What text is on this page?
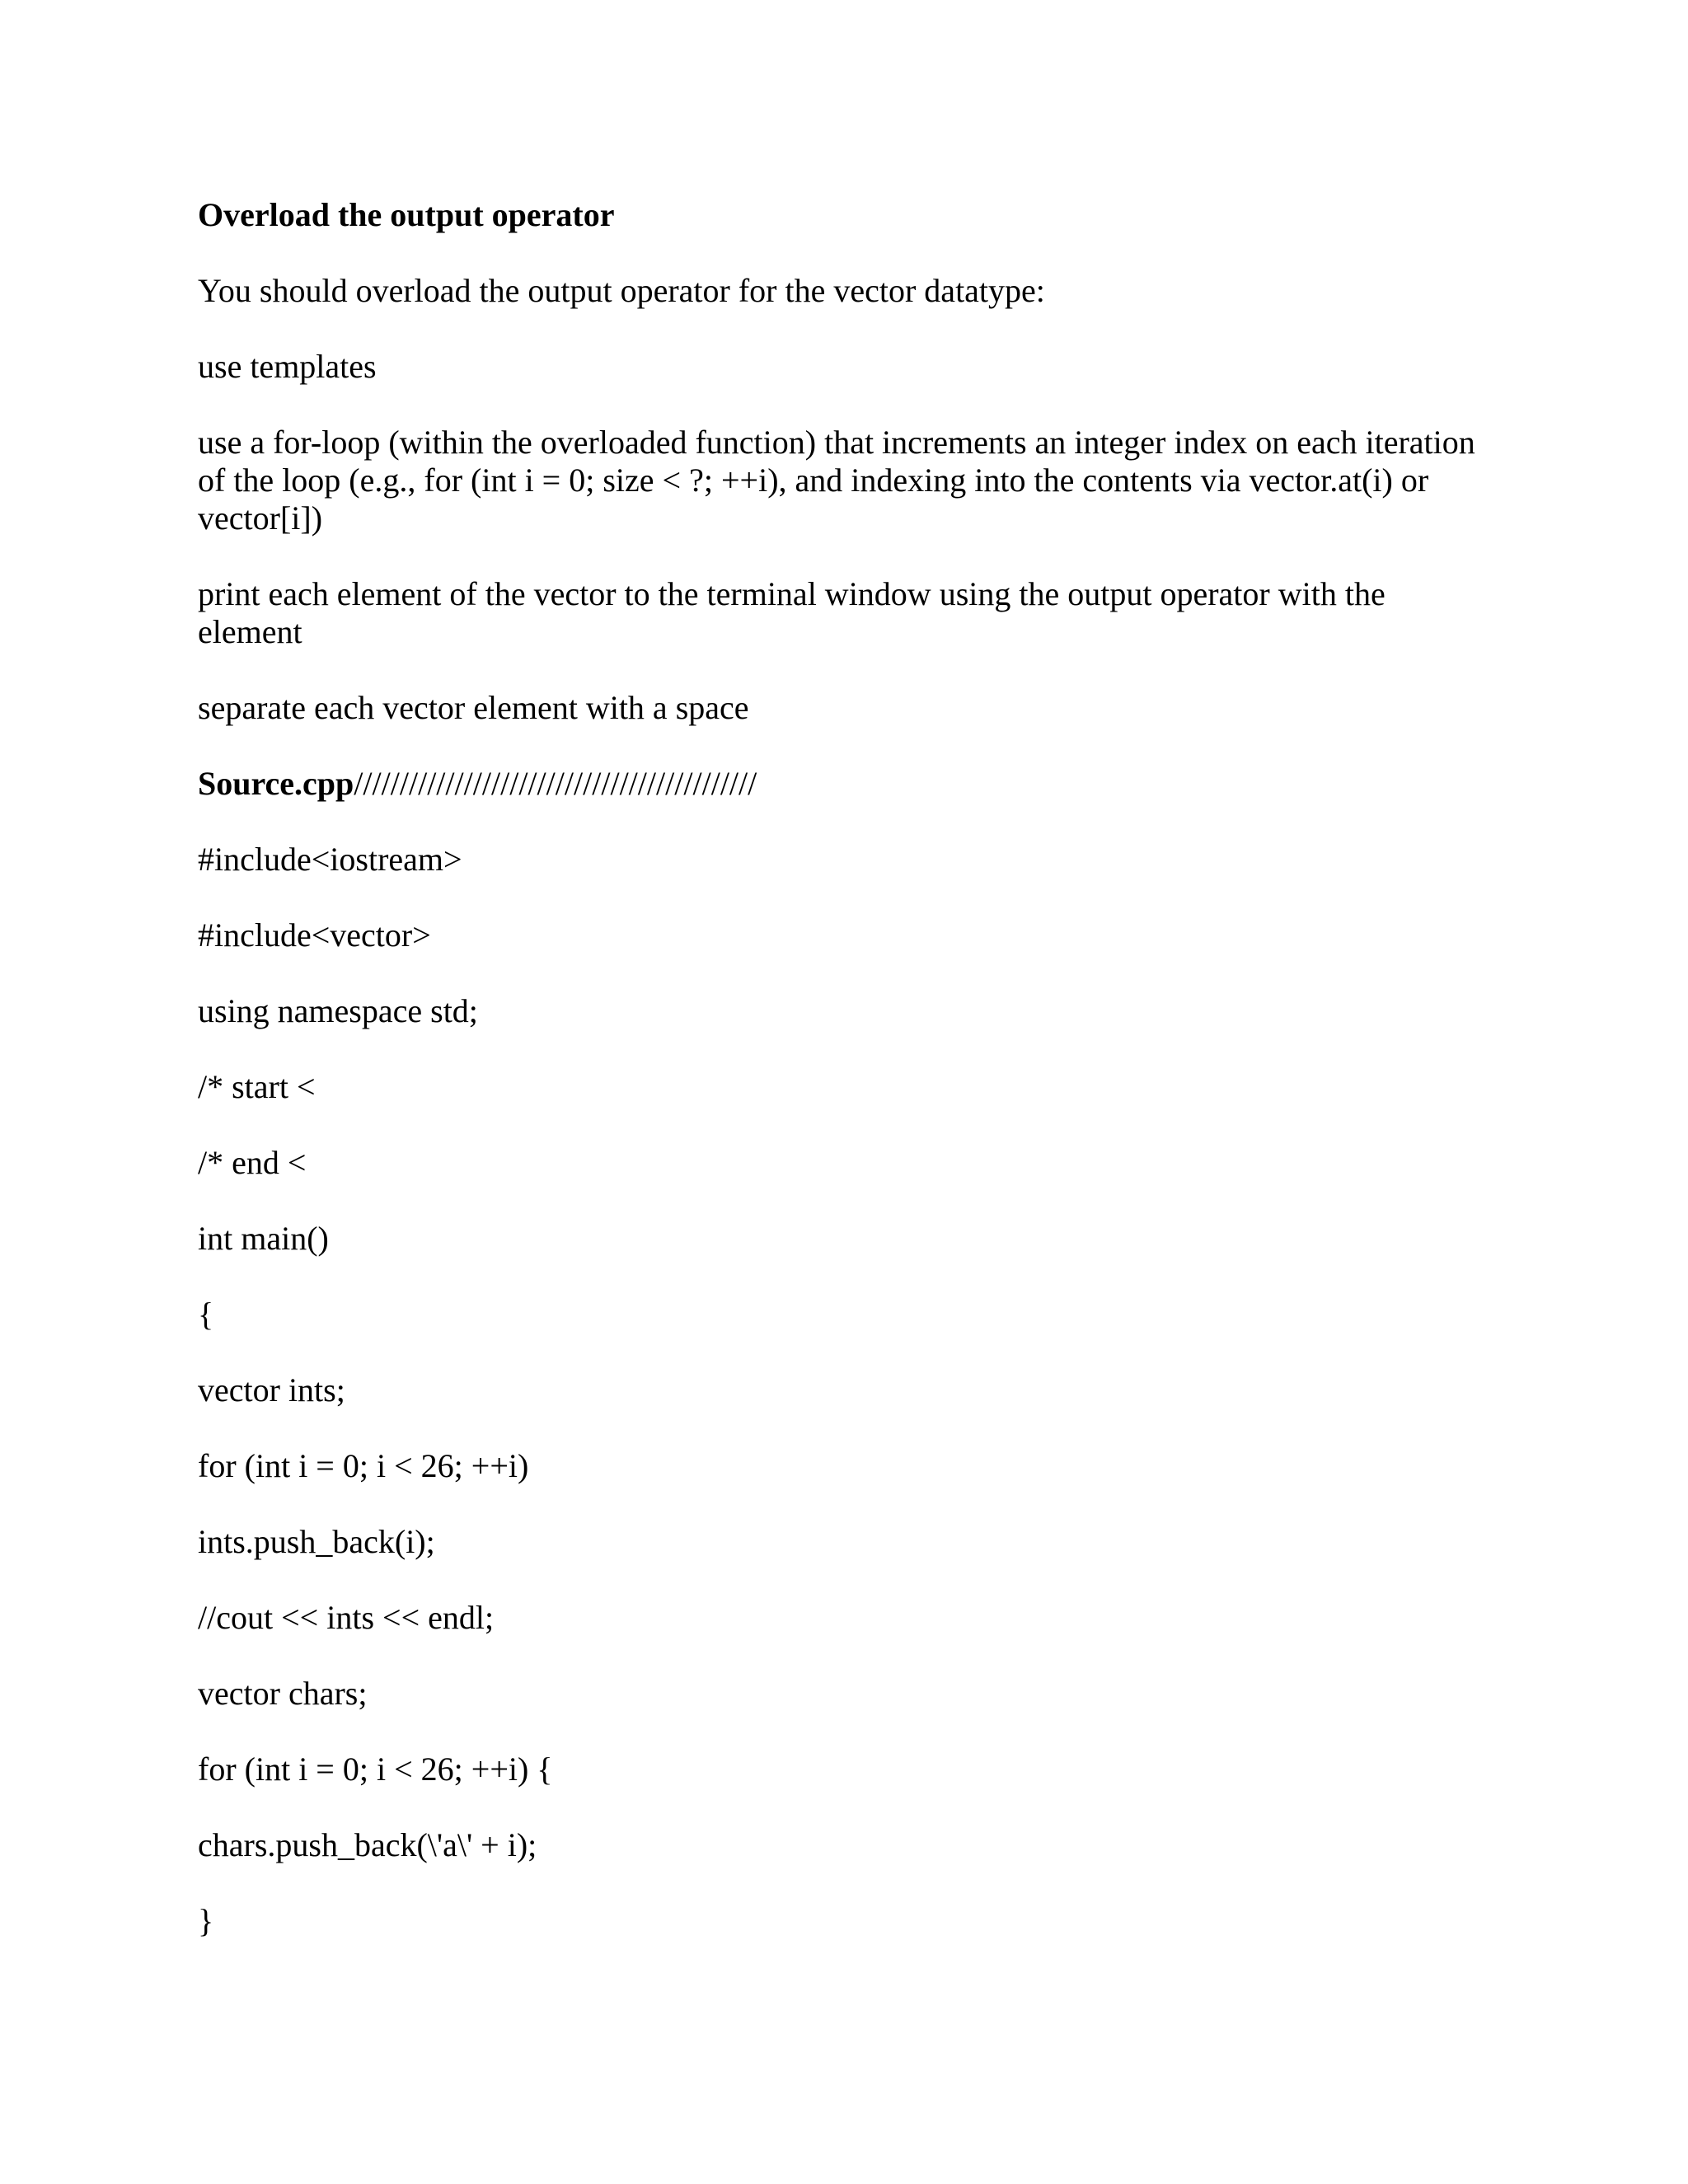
Overload the output operator

You should overload the output operator for the vector datatype:

use templates

use a for-loop (within the overloaded function) that increments an integer index on each iteration

of the loop (e.g., for (int i = 0; size < ?; ++i), and indexing into the contents via vector.at(i) or

vector[i])

print each element of the vector to the terminal window using the output operator with the

element

separate each vector element with a space

Source.cpp////////////////////////////////////////////

#include<iostream>

#include<vector>

using namespace std;

/* start <

/* end <

int main()

{

vector ints;

for (int i = 0; i < 26; ++i)

ints.push_back(i);

//cout << ints << endl;

vector chars;

for (int i = 0; i < 26; ++i) {

chars.push_back(\'a\' + i);

}
